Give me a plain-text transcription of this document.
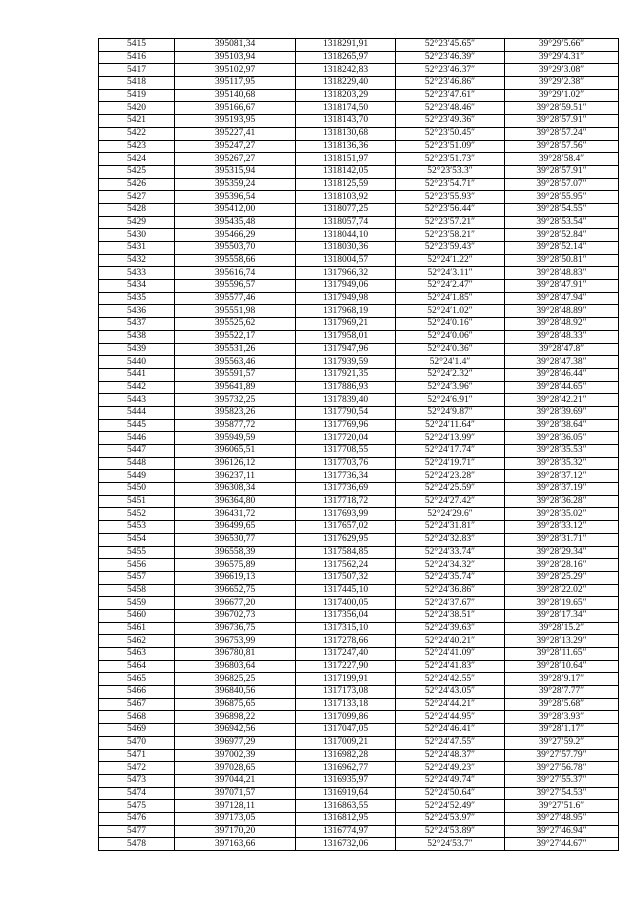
5415	395081,34	1318291,91	52°23′45.65″	39°29′5.66″
5416	395103,94	1318265,97	52°23′46.39″	39°29′4.31″
5417	395102,97	1318242,83	52°23′46.37″	39°29′3.08″
5418	395117,95	1318229,40	52°23′46.86″	39°29′2.38″
5419	395140,68	1318203,29	52°23′47.61″	39°29′1.02″
5420	395166,67	1318174,50	52°23′48.46″	39°28′59.51″
5421	395193,95	1318143,70	52°23′49.36″	39°28′57.91″
5422	395227,41	1318130,68	52°23′50.45″	39°28′57.24″
5423	395247,27	1318136,36	52°23′51.09″	39°28′57.56″
5424	395267,27	1318151,97	52°23′51.73″	39°28′58.4″
5425	395315,94	1318142,05	52°23′53.3″	39°28′57.91″
5426	395359,24	1318125,59	52°23′54.71″	39°28′57.07″
5427	395396,54	1318103,92	52°23′55.93″	39°28′55.95″
5428	395412,00	1318077,25	52°23′56.44″	39°28′54.55″
5429	395435,48	1318057,74	52°23′57.21″	39°28′53.54″
5430	395466,29	1318044,10	52°23′58.21″	39°28′52.84″
5431	395503,70	1318030,36	52°23′59.43″	39°28′52.14″
5432	395558,66	1318004,57	52°24′1.22″	39°28′50.81″
5433	395616,74	1317966,32	52°24′3.11″	39°28′48.83″
5434	395596,57	1317949,06	52°24′2.47″	39°28′47.91″
5435	395577,46	1317949,98	52°24′1.85″	39°28′47.94″
5436	395551,98	1317968,19	52°24′1.02″	39°28′48.89″
5437	395525,62	1317969,21	52°24′0.16″	39°28′48.92″
5438	395522,17	1317958,01	52°24′0.06″	39°28′48.33″
5439	395531,26	1317947,96	52°24′0.36″	39°28′47.8″
5440	395563,46	1317939,59	52°24′1.4″	39°28′47.38″
5441	395591,57	1317921,35	52°24′2.32″	39°28′46.44″
5442	395641,89	1317886,93	52°24′3.96″	39°28′44.65″
5443	395732,25	1317839,40	52°24′6.91″	39°28′42.21″
5444	395823,26	1317790,54	52°24′9.87″	39°28′39.69″
5445	395877,72	1317769,96	52°24′11.64″	39°28′38.64″
5446	395949,59	1317720,04	52°24′13.99″	39°28′36.05″
5447	396065,51	1317708,55	52°24′17.74″	39°28′35.53″
5448	396126,12	1317703,76	52°24′19.71″	39°28′35.32″
5449	396237,11	1317736,34	52°24′23.28″	39°28′37.12″
5450	396308,34	1317736,69	52°24′25.59″	39°28′37.19″
5451	396364,80	1317718,72	52°24′27.42″	39°28′36.28″
5452	396431,72	1317693,99	52°24′29.6″	39°28′35.02″
5453	396499,65	1317657,02	52°24′31.81″	39°28′33.12″
5454	396530,77	1317629,95	52°24′32.83″	39°28′31.71″
5455	396558,39	1317584,85	52°24′33.74″	39°28′29.34″
5456	396575,89	1317562,24	52°24′34.32″	39°28′28.16″
5457	396619,13	1317507,32	52°24′35.74″	39°28′25.29″
5458	396652,75	1317445,10	52°24′36.86″	39°28′22.02″
5459	396677,20	1317400,05	52°24′37.67″	39°28′19.65″
5460	396702,73	1317356,04	52°24′38.51″	39°28′17.34″
5461	396736,75	1317315,10	52°24′39.63″	39°28′15.2″
5462	396753,99	1317278,66	52°24′40.21″	39°28′13.29″
5463	396780,81	1317247,40	52°24′41.09″	39°28′11.65″
5464	396803,64	1317227,90	52°24′41.83″	39°28′10.64″
5465	396825,25	1317199,91	52°24′42.55″	39°28′9.17″
5466	396840,56	1317173,08	52°24′43.05″	39°28′7.77″
5467	396875,65	1317133,18	52°24′44.21″	39°28′5.68″
5468	396898,22	1317099,86	52°24′44.95″	39°28′3.93″
5469	396942,56	1317047,05	52°24′46.41″	39°28′1.17″
5470	396977,29	1317009,21	52°24′47.55″	39°27′59.2″
5471	397002,39	1316982,28	52°24′48.37″	39°27′57.79″
5472	397028,65	1316962,77	52°24′49.23″	39°27′56.78″
5473	397044,21	1316935,97	52°24′49.74″	39°27′55.37″
5474	397071,57	1316919,64	52°24′50.64″	39°27′54.53″
5475	397128,11	1316863,55	52°24′52.49″	39°27′51.6″
5476	397173,05	1316812,95	52°24′53.97″	39°27′48.95″
5477	397170,20	1316774,97	52°24′53.89″	39°27′46.94″
5478	397163,66	1316732,06	52°24′53.7″	39°27′44.67″
